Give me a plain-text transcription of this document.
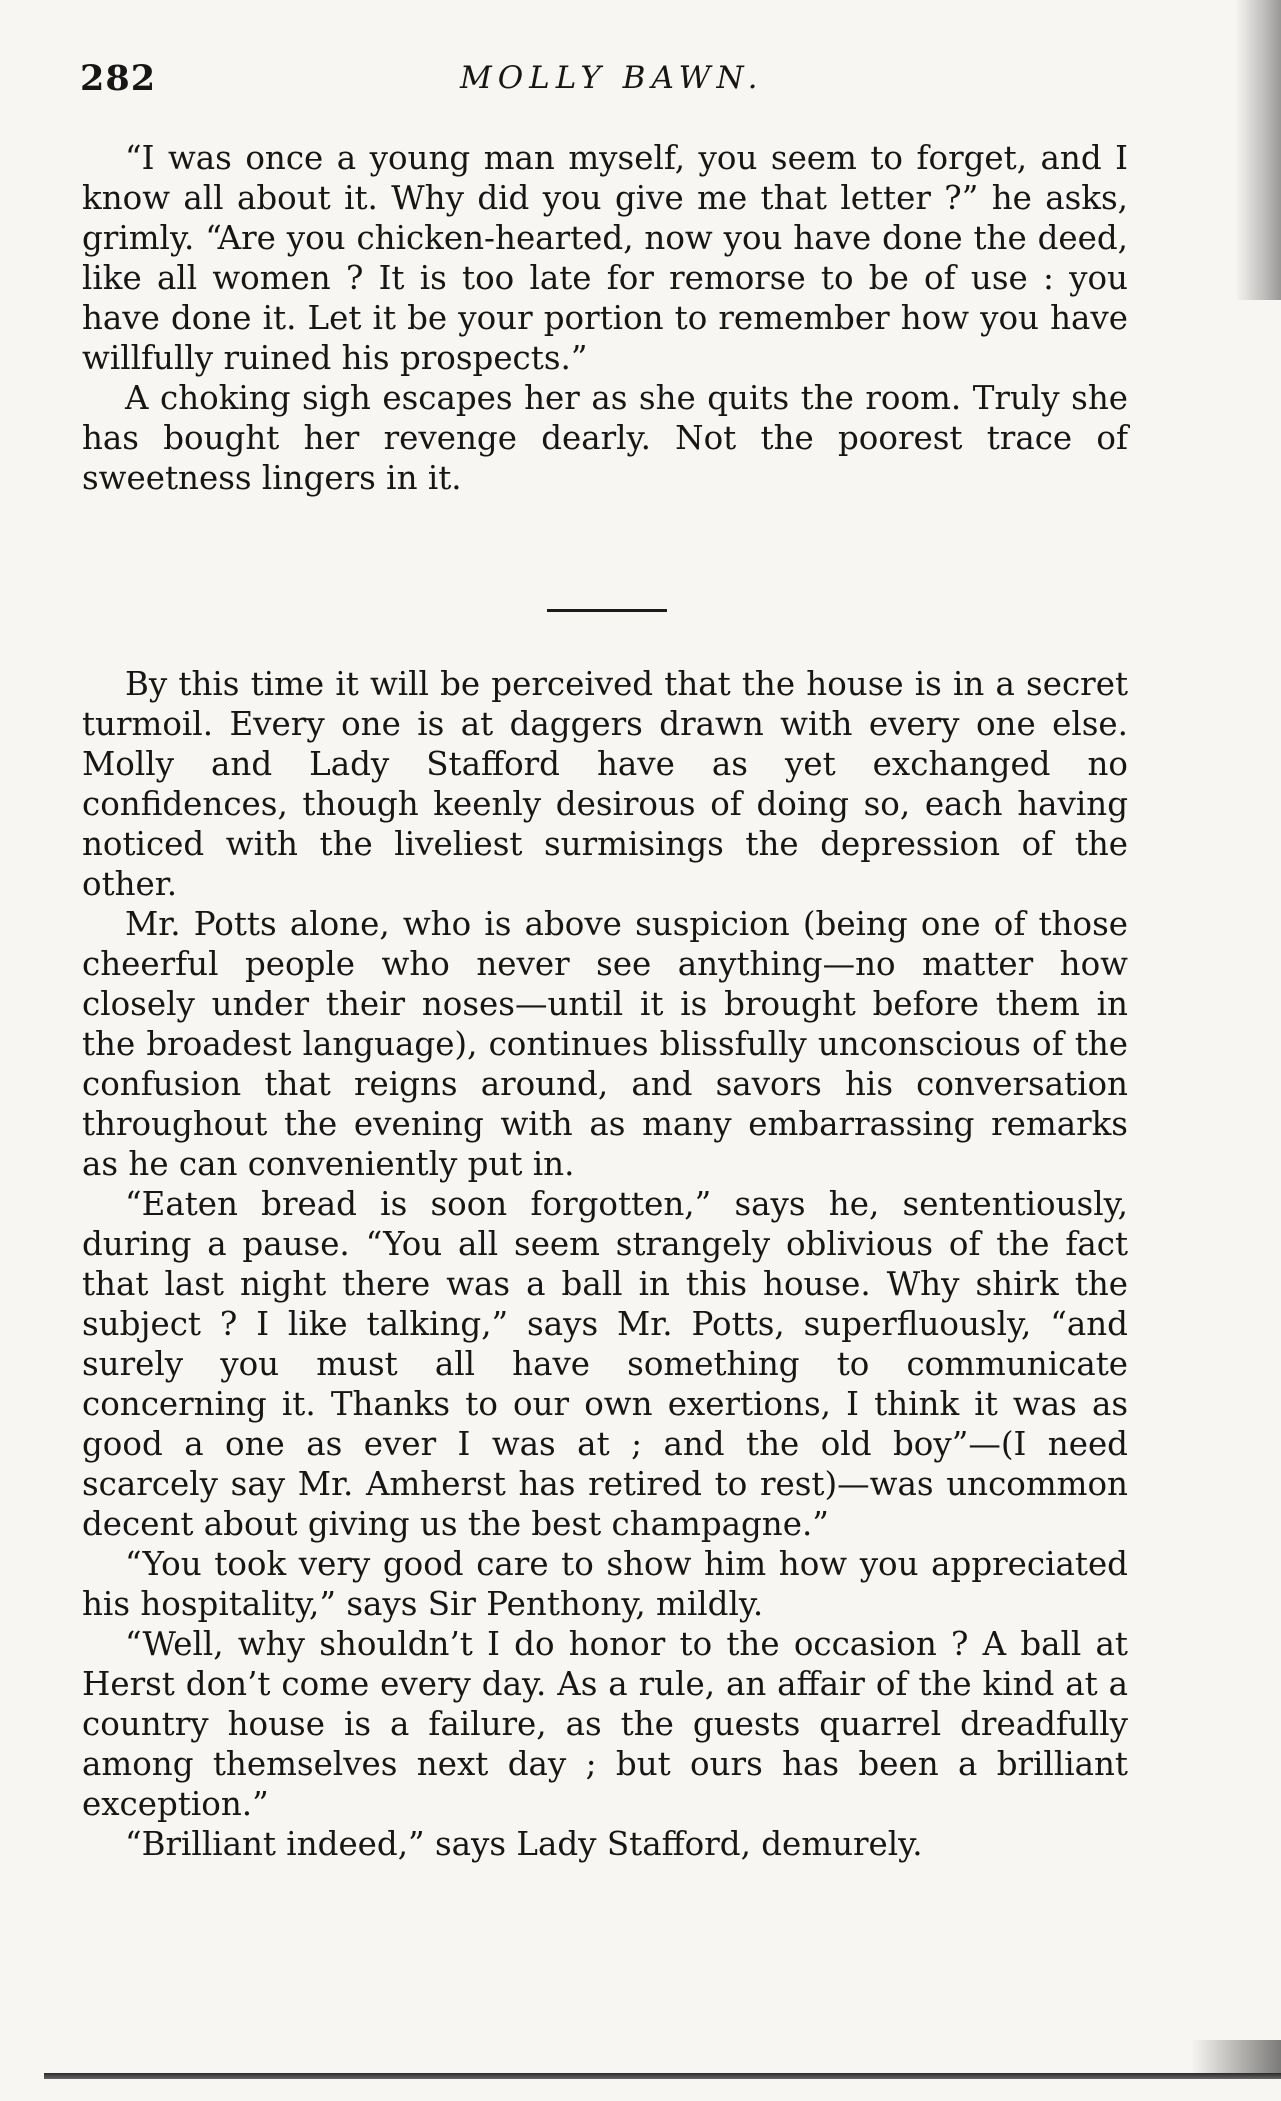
282	MOLLY BAWN.

“I was once a young man myself, you seem to forget, and I know all about it. Why did you give me that letter ?” he asks, grimly. “Are you chicken-hearted, now you have done the deed, like all women ? It is too late for remorse to be of use : you have done it. Let it be your portion to remember how you have willfully ruined his prospects.”

A choking sigh escapes her as she quits the room. Truly she has bought her revenge dearly. Not the poorest trace of sweetness lingers in it.

By this time it will be perceived that the house is in a secret turmoil. Every one is at daggers drawn with every one else. Molly and Lady Stafford have as yet exchanged no confidences, though keenly desirous of doing so, each having noticed with the liveliest surmisings the depression of the other.

Mr. Potts alone, who is above suspicion (being one of those cheerful people who never see anything—no matter how closely under their noses—until it is brought before them in the broadest language), continues blissfully unconscious of the confusion that reigns around, and savors his conversation throughout the evening with as many embarrassing remarks as he can conveniently put in.

“Eaten bread is soon forgotten,” says he, sententiously, during a pause. “You all seem strangely oblivious of the fact that last night there was a ball in this house. Why shirk the subject ? I like talking,” says Mr. Potts, superfluously, “and surely you must all have something to communicate concerning it. Thanks to our own exertions, I think it was as good a one as ever I was at ; and the old boy”—(I need scarcely say Mr. Amherst has retired to rest)—was uncommon decent about giving us the best champagne.”

“You took very good care to show him how you appreciated his hospitality,” says Sir Penthony, mildly.

“Well, why shouldn’t I do honor to the occasion ? A ball at Herst don’t come every day. As a rule, an affair of the kind at a country house is a failure, as the guests quarrel dreadfully among themselves next day ; but ours has been a brilliant exception.”

“Brilliant indeed,” says Lady Stafford, demurely.
